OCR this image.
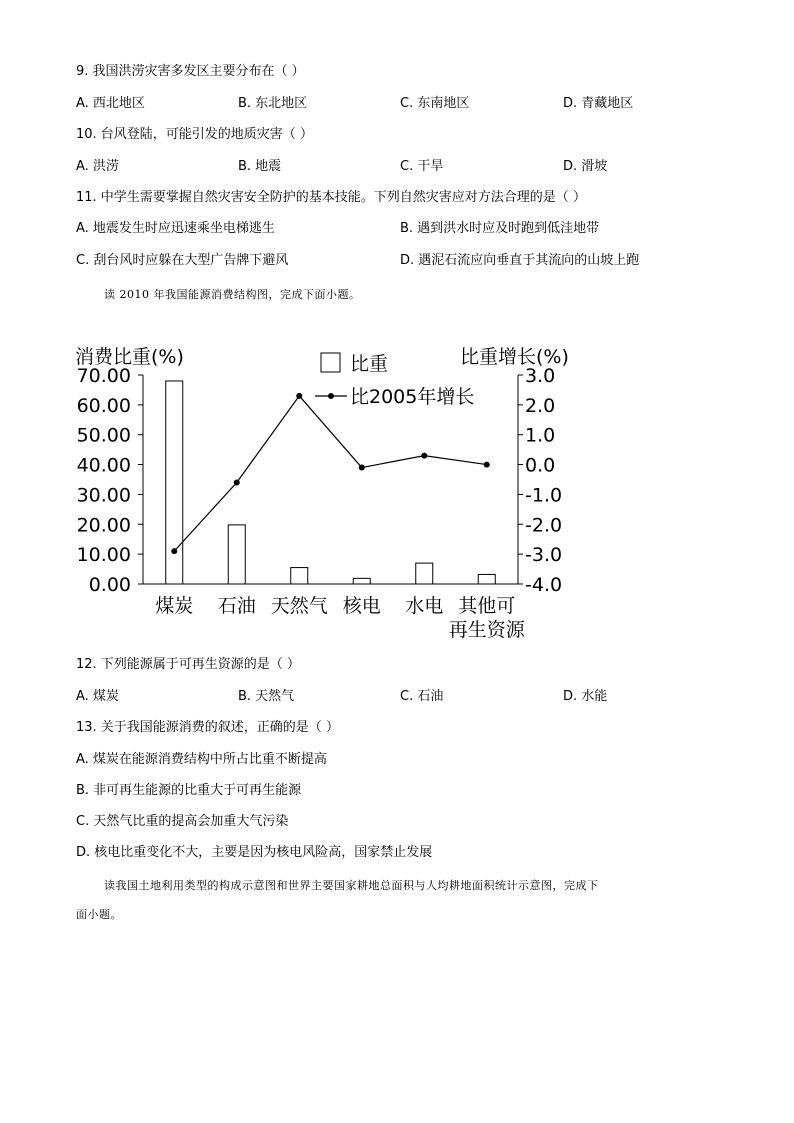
9. 我国洪涝灾害多发区主要分布在（ ）
A. 西北地区	B. 东北地区	C. 东南地区	D. 青藏地区
10. 台风登陆，可能引发的地质灾害（ ）
A. 洪涝	B. 地震	C. 干旱	D. 滑坡
11. 中学生需要掌握自然灾害安全防护的基本技能。下列自然灾害应对方法合理的是（ ）
A. 地震发生时应迅速乘坐电梯逃生	B. 遇到洪水时应及时跑到低洼地带
C. 刮台风时应躲在大型广告牌下避风	D. 遇泥石流应向垂直于其流向的山坡上跑
读 2010 年我国能源消费结构图，完成下面小题。
消费比重(%)	比重增长(%)
比重
比2005年增长
0.00
10.00
20.00
30.00
40.00
50.00
60.00
70.00
-4.0
-3.0
-2.0
-1.0
0.0
1.0
2.0
3.0
煤炭 石油 天然气 核电 水电 其他可
再生资源
12. 下列能源属于可再生资源的是（ ）
A. 煤炭	B. 天然气	C. 石油	D. 水能
13. 关于我国能源消费的叙述，正确的是（ ）
A. 煤炭在能源消费结构中所占比重不断提高
B. 非可再生能源的比重大于可再生能源
C. 天然气比重的提高会加重大气污染
D. 核电比重变化不大，主要是因为核电风险高，国家禁止发展
读我国土地利用类型的构成示意图和世界主要国家耕地总面积与人均耕地面积统计示意图，完成下
面小题。
